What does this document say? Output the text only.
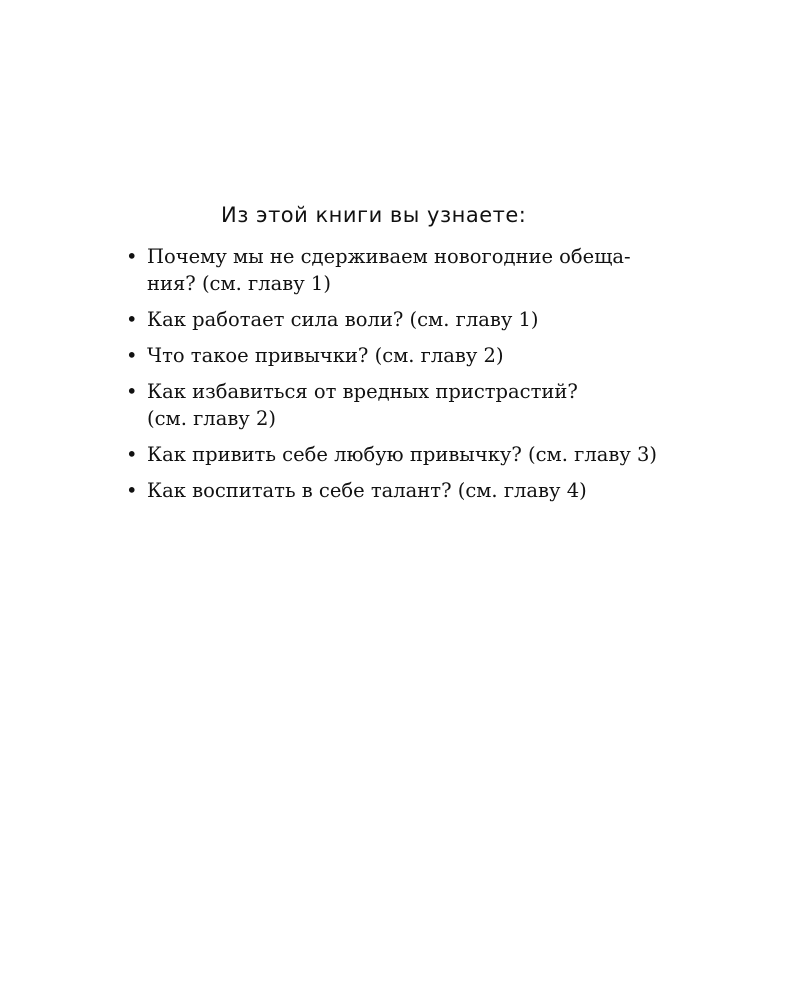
Из этой книги вы узнаете:
• Почему мы не сдерживаем новогодние обеща-
ния? (см. главу 1)
• Как работает сила воли? (см. главу 1)
• Что такое привычки? (см. главу 2)
• Как избавиться от вредных пристрастий?
(см. главу 2)
• Как привить себе любую привычку? (см. главу 3)
• Как воспитать в себе талант? (см. главу 4)
